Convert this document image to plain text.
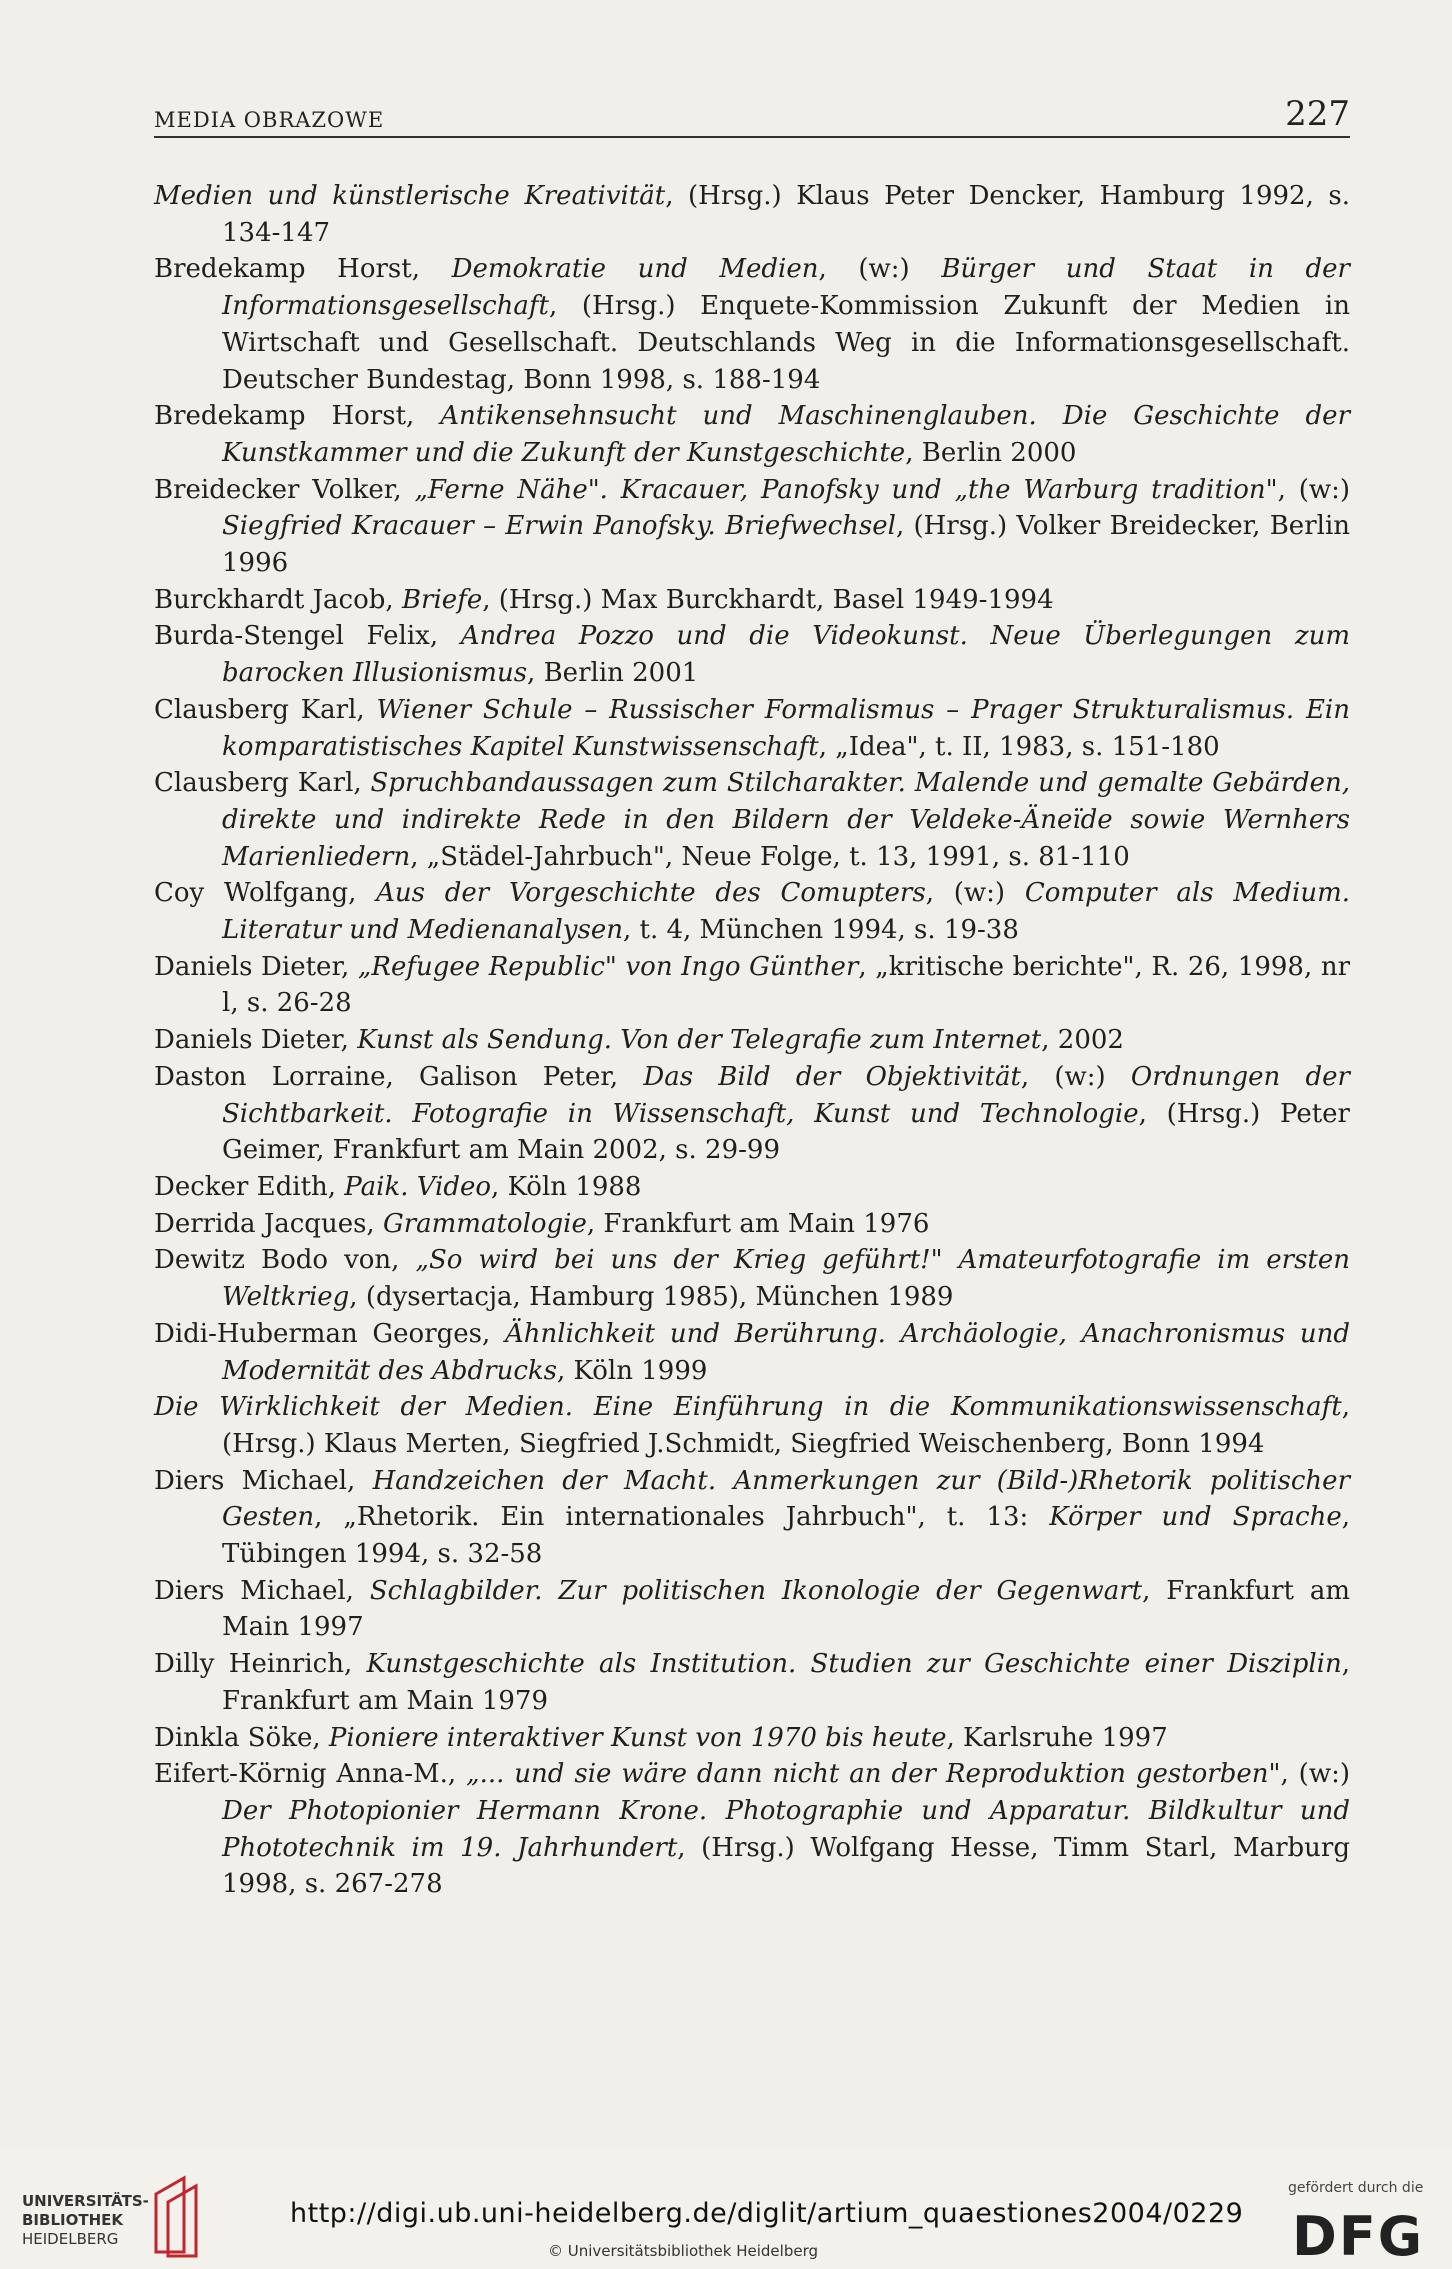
MEDIA OBRAZOWE	227

Medien und künstlerische Kreativität, (Hrsg.) Klaus Peter Dencker, Hamburg 1992, s. 134-147

Bredekamp Horst, Demokratie und Medien, (w:) Bürger und Staat in der Informationsgesellschaft, (Hrsg.) Enquete-Kommission Zukunft der Medien in Wirtschaft und Gesellschaft. Deutschlands Weg in die Informationsgesellschaft. Deutscher Bundestag, Bonn 1998, s. 188-194

Bredekamp Horst, Antikensehnsucht und Maschinenglauben. Die Geschichte der Kunstkammer und die Zukunft der Kunstgeschichte, Berlin 2000

Breidecker Volker, „Ferne Nähe". Kracauer, Panofsky und „the Warburg tradition", (w:) Siegfried Kracauer – Erwin Panofsky. Briefwechsel, (Hrsg.) Volker Breidecker, Berlin 1996

Burckhardt Jacob, Briefe, (Hrsg.) Max Burckhardt, Basel 1949-1994

Burda-Stengel Felix, Andrea Pozzo und die Videokunst. Neue Überlegungen zum barocken Illusionismus, Berlin 2001

Clausberg Karl, Wiener Schule – Russischer Formalismus – Prager Strukturalismus. Ein komparatistisches Kapitel Kunstwissenschaft, „Idea", t. II, 1983, s. 151-180

Clausberg Karl, Spruchbandaussagen zum Stilcharakter. Malende und gemalte Gebärden, direkte und indirekte Rede in den Bildern der Veldeke-Äneïde sowie Wernhers Marienliedern, „Städel-Jahrbuch", Neue Folge, t. 13, 1991, s. 81-110

Coy Wolfgang, Aus der Vorgeschichte des Comupters, (w:) Computer als Medium. Literatur und Medienanalysen, t. 4, München 1994, s. 19-38

Daniels Dieter, „Refugee Republic" von Ingo Günther, „kritische berichte", R. 26, 1998, nr l, s. 26-28

Daniels Dieter, Kunst als Sendung. Von der Telegrafie zum Internet, 2002

Daston Lorraine, Galison Peter, Das Bild der Objektivität, (w:) Ordnungen der Sichtbarkeit. Fotografie in Wissenschaft, Kunst und Technologie, (Hrsg.) Peter Geimer, Frankfurt am Main 2002, s. 29-99

Decker Edith, Paik. Video, Köln 1988

Derrida Jacques, Grammatologie, Frankfurt am Main 1976

Dewitz Bodo von, „So wird bei uns der Krieg geführt!" Amateurfotografie im ersten Weltkrieg, (dysertacja, Hamburg 1985), München 1989

Didi-Huberman Georges, Ähnlichkeit und Berührung. Archäologie, Anachronismus und Modernität des Abdrucks, Köln 1999

Die Wirklichkeit der Medien. Eine Einführung in die Kommunikationswissenschaft, (Hrsg.) Klaus Merten, Siegfried J.Schmidt, Siegfried Weischenberg, Bonn 1994

Diers Michael, Handzeichen der Macht. Anmerkungen zur (Bild-)Rhetorik politischer Gesten, „Rhetorik. Ein internationales Jahrbuch", t. 13: Körper und Sprache, Tübingen 1994, s. 32-58

Diers Michael, Schlagbilder. Zur politischen Ikonologie der Gegenwart, Frankfurt am Main 1997

Dilly Heinrich, Kunstgeschichte als Institution. Studien zur Geschichte einer Disziplin, Frankfurt am Main 1979

Dinkla Söke, Pioniere interaktiver Kunst von 1970 bis heute, Karlsruhe 1997

Eifert-Körnig Anna-M., „... und sie wäre dann nicht an der Reproduktion gestorben", (w:) Der Photopionier Hermann Krone. Photographie und Apparatur. Bildkultur und Phototechnik im 19. Jahrhundert, (Hrsg.) Wolfgang Hesse, Timm Starl, Marburg 1998, s. 267-278

UNIVERSITÄTS-
BIBLIOTHEK
HEIDELBERG
http://digi.ub.uni-heidelberg.de/diglit/artium_quaestiones2004/0229
© Universitätsbibliothek Heidelberg
gefördert durch die
DFG
